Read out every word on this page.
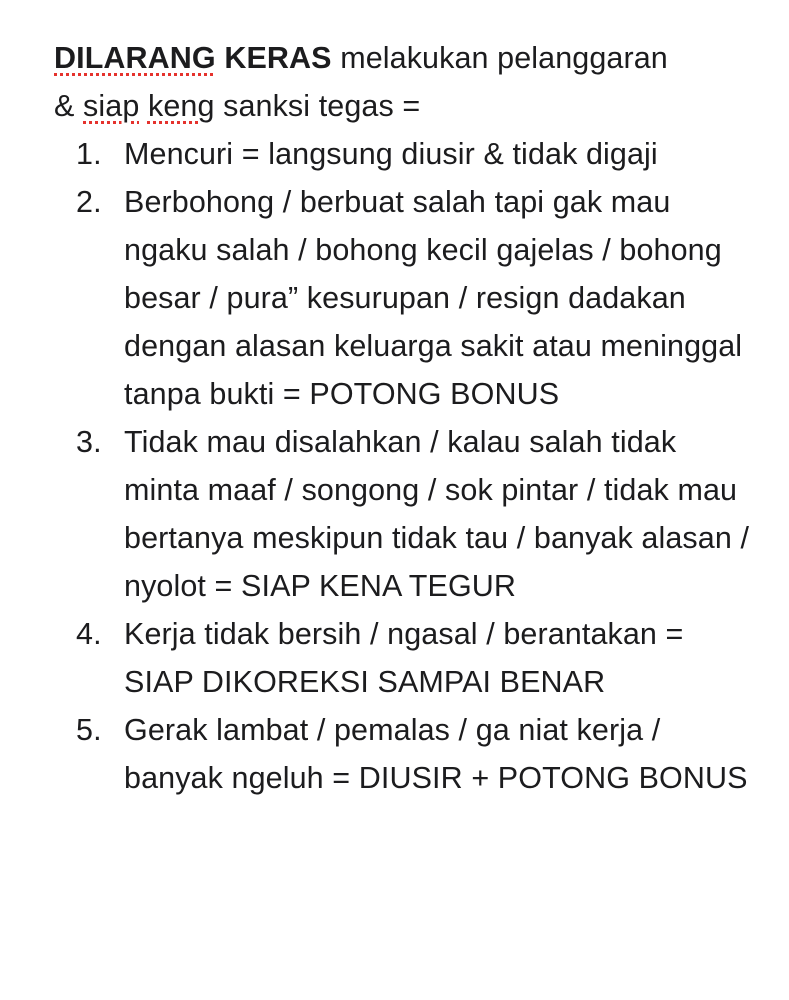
DILARANG KERAS melakukan pelanggaran
& siap keng sanksi tegas =

1. Mencuri = langsung diusir & tidak digaji
2. Berbohong / berbuat salah tapi gak mau ngaku salah / bohong kecil gajelas / bohong besar / pura” kesurupan / resign dadakan dengan alasan keluarga sakit atau meninggal tanpa bukti = POTONG BONUS
3. Tidak mau disalahkan / kalau salah tidak minta maaf / songong / sok pintar / tidak mau bertanya meskipun tidak tau / banyak alasan / nyolot = SIAP KENA TEGUR
4. Kerja tidak bersih / ngasal / berantakan = SIAP DIKOREKSI SAMPAI BENAR
5. Gerak lambat / pemalas / ga niat kerja / banyak ngeluh = DIUSIR + POTONG BONUS
